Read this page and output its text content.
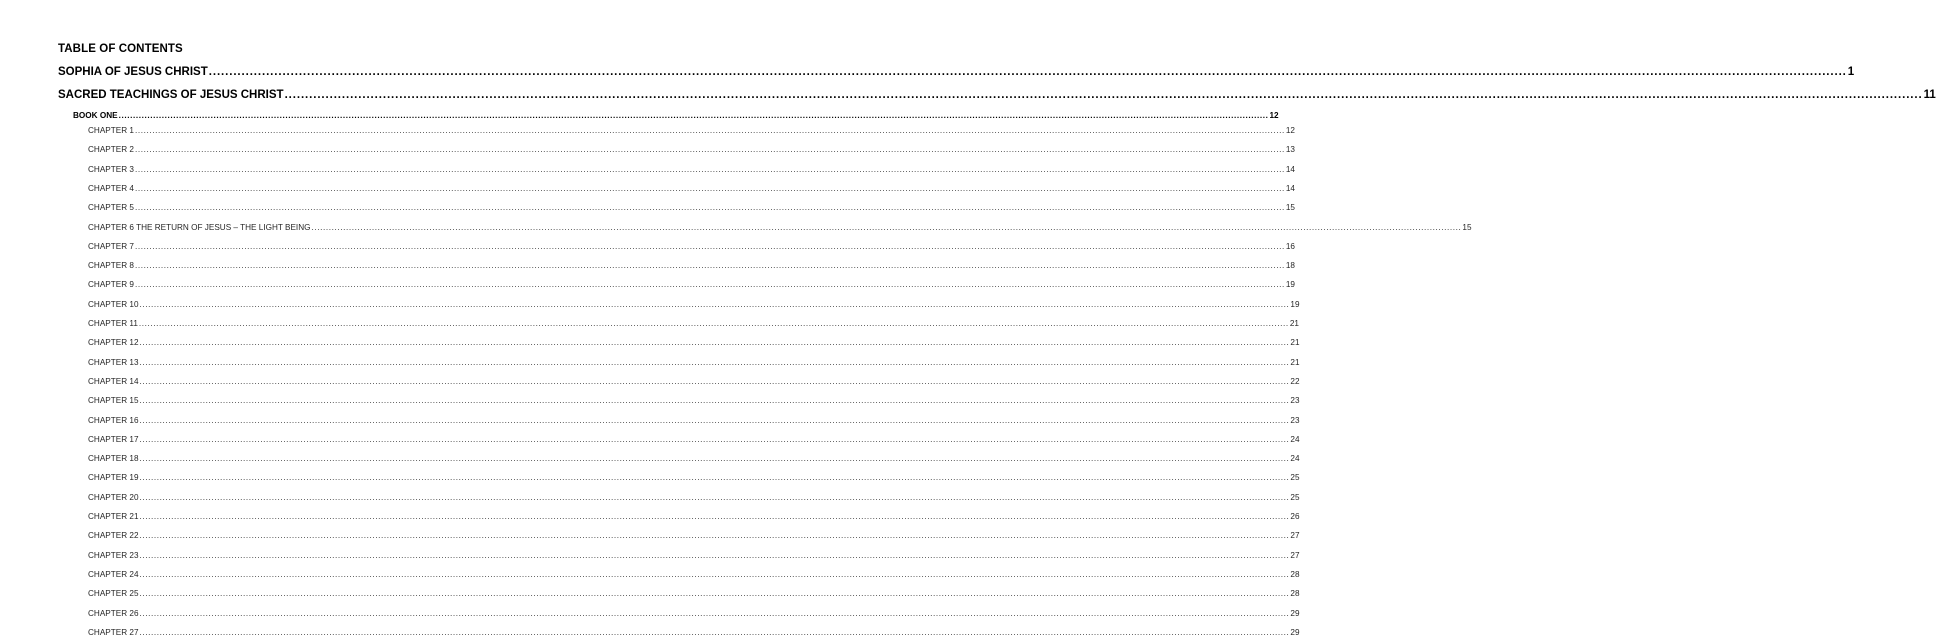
TABLE OF CONTENTS
SOPHIA OF JESUS CHRIST ................................................................................................................................................................................................................................................................................................................................................................................................................ 1
SACRED TEACHINGS OF JESUS CHRIST ................................................................................................................................................................................................................................................................................................................................................................................................................ 11
BOOK ONE ................................................................................................................................................................................................................................................................................................................................................................................................................ 12
CHAPTER 1 ................................................................................................................................................................................................................................................................................................................................................................................................................ 12
CHAPTER 2 ................................................................................................................................................................................................................................................................................................................................................................................................................ 13
CHAPTER 3 ................................................................................................................................................................................................................................................................................................................................................................................................................ 14
CHAPTER 4 ................................................................................................................................................................................................................................................................................................................................................................................................................ 14
CHAPTER 5 ................................................................................................................................................................................................................................................................................................................................................................................................................ 15
CHAPTER 6 THE RETURN OF JESUS – THE LIGHT BEING ................................................................................................................................................................................................................................................................................................................................................................................................................ 15
CHAPTER 7 ................................................................................................................................................................................................................................................................................................................................................................................................................ 16
CHAPTER 8 ................................................................................................................................................................................................................................................................................................................................................................................................................ 18
CHAPTER 9 ................................................................................................................................................................................................................................................................................................................................................................................................................ 19
CHAPTER 10 ................................................................................................................................................................................................................................................................................................................................................................................................................ 19
CHAPTER 11 ................................................................................................................................................................................................................................................................................................................................................................................................................ 21
CHAPTER 12 ................................................................................................................................................................................................................................................................................................................................................................................................................ 21
CHAPTER 13 ................................................................................................................................................................................................................................................................................................................................................................................................................ 21
CHAPTER 14 ................................................................................................................................................................................................................................................................................................................................................................................................................ 22
CHAPTER 15 ................................................................................................................................................................................................................................................................................................................................................................................................................ 23
CHAPTER 16 ................................................................................................................................................................................................................................................................................................................................................................................................................ 23
CHAPTER 17 ................................................................................................................................................................................................................................................................................................................................................................................................................ 24
CHAPTER 18 ................................................................................................................................................................................................................................................................................................................................................................................................................ 24
CHAPTER 19 ................................................................................................................................................................................................................................................................................................................................................................................................................ 25
CHAPTER 20 ................................................................................................................................................................................................................................................................................................................................................................................................................ 25
CHAPTER 21 ................................................................................................................................................................................................................................................................................................................................................................................................................ 26
CHAPTER 22 ................................................................................................................................................................................................................................................................................................................................................................................................................ 27
CHAPTER 23 ................................................................................................................................................................................................................................................................................................................................................................................................................ 27
CHAPTER 24 ................................................................................................................................................................................................................................................................................................................................................................................................................ 28
CHAPTER 25 ................................................................................................................................................................................................................................................................................................................................................................................................................ 28
CHAPTER 26 ................................................................................................................................................................................................................................................................................................................................................................................................................ 29
CHAPTER 27 ................................................................................................................................................................................................................................................................................................................................................................................................................ 29
